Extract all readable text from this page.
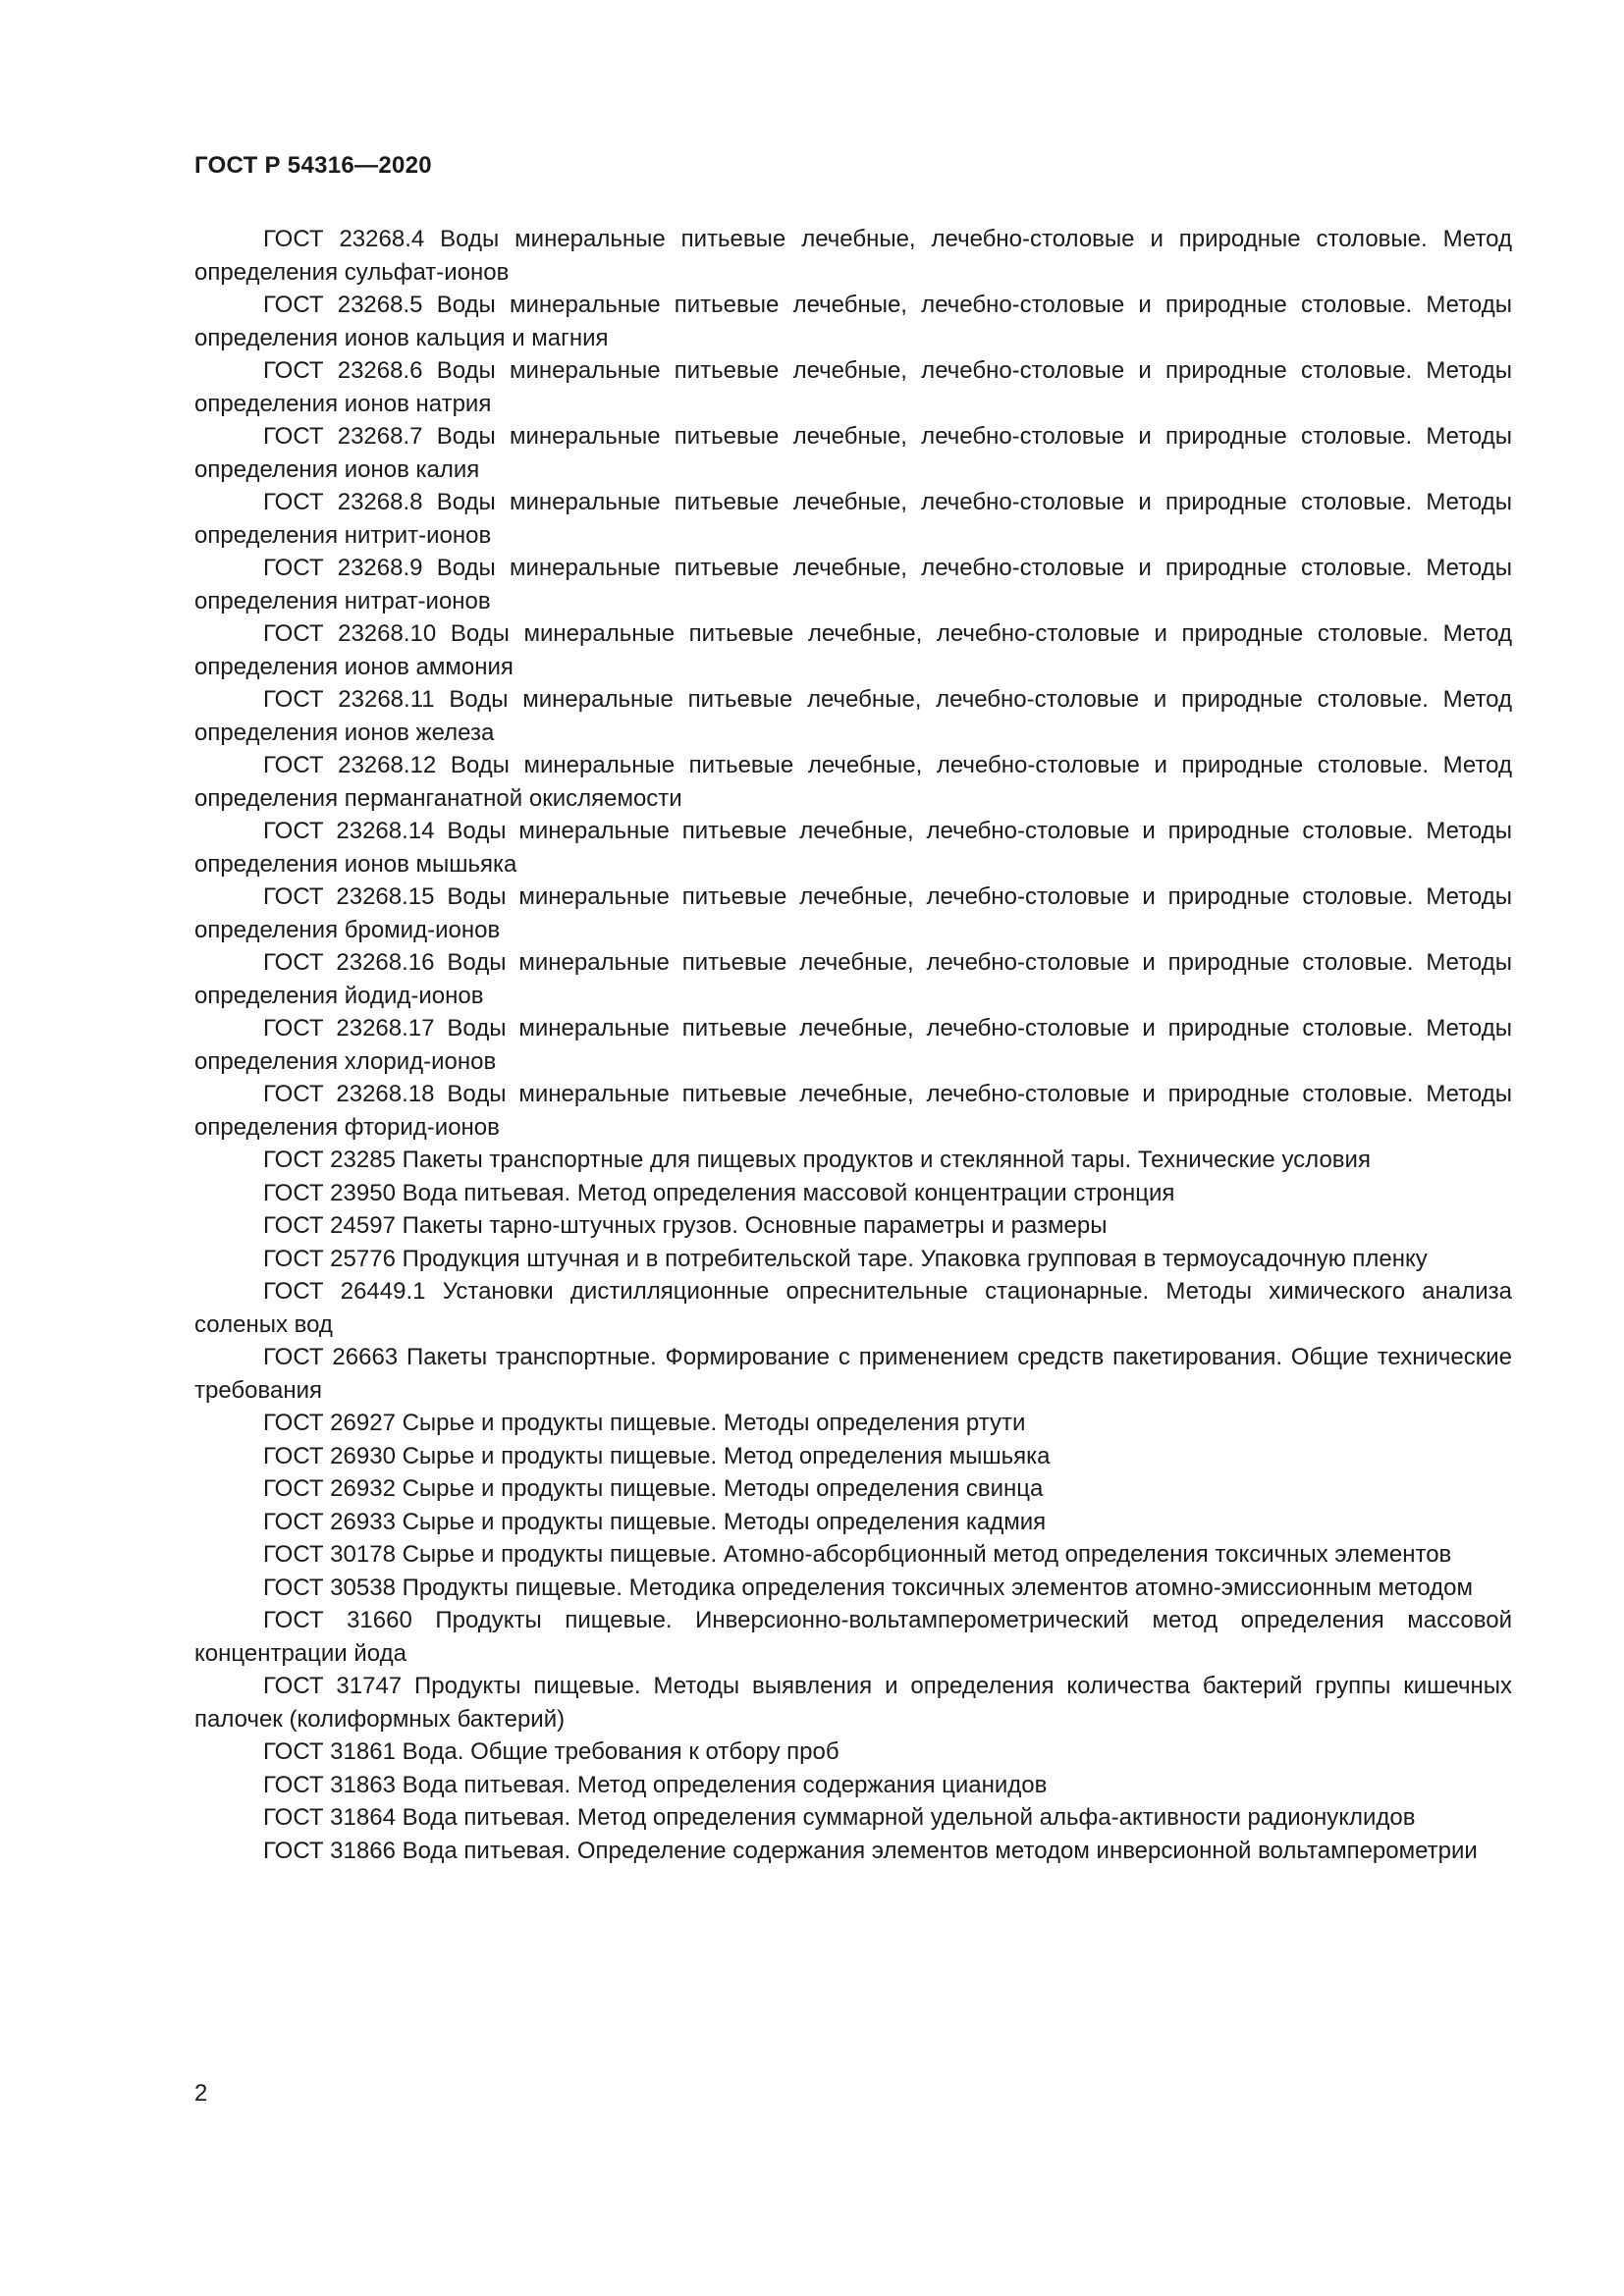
ГОСТ Р 54316—2020

ГОСТ 23268.4 Воды минеральные питьевые лечебные, лечебно-столовые и природные столовые. Метод определения сульфат-ионов

ГОСТ 23268.5 Воды минеральные питьевые лечебные, лечебно-столовые и природные столовые. Методы определения ионов кальция и магния

ГОСТ 23268.6 Воды минеральные питьевые лечебные, лечебно-столовые и природные столовые. Методы определения ионов натрия

ГОСТ 23268.7 Воды минеральные питьевые лечебные, лечебно-столовые и природные столовые. Методы определения ионов калия

ГОСТ 23268.8 Воды минеральные питьевые лечебные, лечебно-столовые и природные столовые. Методы определения нитрит-ионов

ГОСТ 23268.9 Воды минеральные питьевые лечебные, лечебно-столовые и природные столовые. Методы определения нитрат-ионов

ГОСТ 23268.10 Воды минеральные питьевые лечебные, лечебно-столовые и природные столовые. Метод определения ионов аммония

ГОСТ 23268.11 Воды минеральные питьевые лечебные, лечебно-столовые и природные столовые. Метод определения ионов железа

ГОСТ 23268.12 Воды минеральные питьевые лечебные, лечебно-столовые и природные столовые. Метод определения перманганатной окисляемости

ГОСТ 23268.14 Воды минеральные питьевые лечебные, лечебно-столовые и природные столовые. Методы определения ионов мышьяка

ГОСТ 23268.15 Воды минеральные питьевые лечебные, лечебно-столовые и природные столовые. Методы определения бромид-ионов

ГОСТ 23268.16 Воды минеральные питьевые лечебные, лечебно-столовые и природные столовые. Методы определения йодид-ионов

ГОСТ 23268.17 Воды минеральные питьевые лечебные, лечебно-столовые и природные столовые. Методы определения хлорид-ионов

ГОСТ 23268.18 Воды минеральные питьевые лечебные, лечебно-столовые и природные столовые. Методы определения фторид-ионов

ГОСТ 23285 Пакеты транспортные для пищевых продуктов и стеклянной тары. Технические условия

ГОСТ 23950 Вода питьевая. Метод определения массовой концентрации стронция

ГОСТ 24597 Пакеты тарно-штучных грузов. Основные параметры и размеры

ГОСТ 25776 Продукция штучная и в потребительской таре. Упаковка групповая в термоусадочную пленку

ГОСТ 26449.1 Установки дистилляционные опреснительные стационарные. Методы химического анализа соленых вод

ГОСТ 26663 Пакеты транспортные. Формирование с применением средств пакетирования. Общие технические требования

ГОСТ 26927 Сырье и продукты пищевые. Методы определения ртути

ГОСТ 26930 Сырье и продукты пищевые. Метод определения мышьяка

ГОСТ 26932 Сырье и продукты пищевые. Методы определения свинца

ГОСТ 26933 Сырье и продукты пищевые. Методы определения кадмия

ГОСТ 30178 Сырье и продукты пищевые. Атомно-абсорбционный метод определения токсичных элементов

ГОСТ 30538 Продукты пищевые. Методика определения токсичных элементов атомно-эмиссионным методом

ГОСТ 31660 Продукты пищевые. Инверсионно-вольтамперометрический метод определения массовой концентрации йода

ГОСТ 31747 Продукты пищевые. Методы выявления и определения количества бактерий группы кишечных палочек (колиформных бактерий)

ГОСТ 31861 Вода. Общие требования к отбору проб

ГОСТ 31863 Вода питьевая. Метод определения содержания цианидов

ГОСТ 31864 Вода питьевая. Метод определения суммарной удельной альфа-активности радионуклидов

ГОСТ 31866 Вода питьевая. Определение содержания элементов методом инверсионной вольтамперометрии

2
